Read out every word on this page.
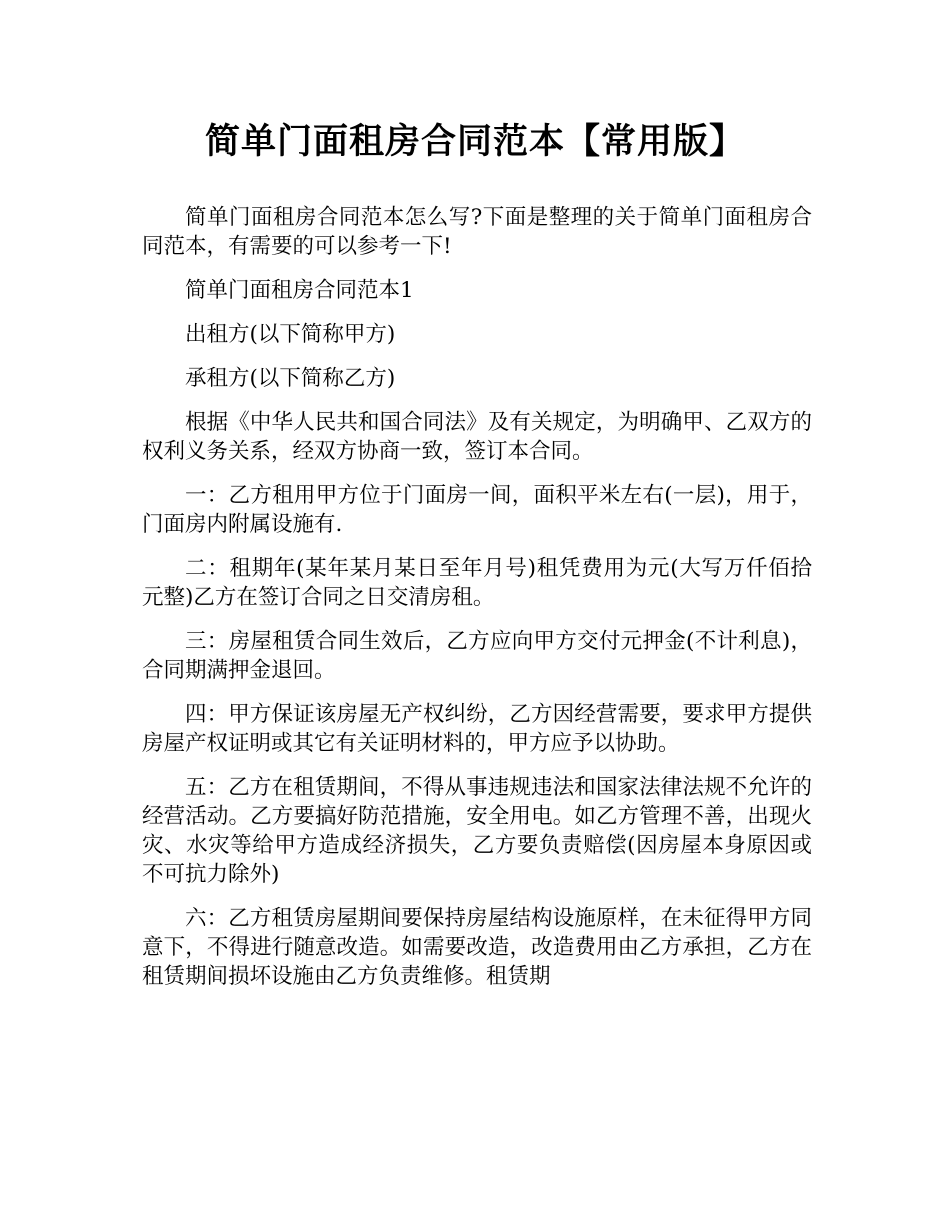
简单门面租房合同范本【常用版】

简单门面租房合同范本怎么写?下面是整理的关于简单门面租房合同范本，有需要的可以参考一下!

简单门面租房合同范本1

出租方(以下简称甲方)

承租方(以下简称乙方)

根据《中华人民共和国合同法》及有关规定，为明确甲、乙双方的权利义务关系，经双方协商一致，签订本合同。

一：乙方租用甲方位于门面房一间，面积平米左右(一层)，用于，门面房内附属设施有.

二：租期年(某年某月某日至年月号)租凭费用为元(大写万仟佰拾元整)乙方在签订合同之日交清房租。

三：房屋租赁合同生效后，乙方应向甲方交付元押金(不计利息)，合同期满押金退回。

四：甲方保证该房屋无产权纠纷，乙方因经营需要，要求甲方提供房屋产权证明或其它有关证明材料的，甲方应予以协助。

五：乙方在租赁期间，不得从事违规违法和国家法律法规不允许的经营活动。乙方要搞好防范措施，安全用电。如乙方管理不善，出现火灾、水灾等给甲方造成经济损失，乙方要负责赔偿(因房屋本身原因或不可抗力除外)

六：乙方租赁房屋期间要保持房屋结构设施原样，在未征得甲方同意下，不得进行随意改造。如需要改造，改造费用由乙方承担，乙方在租赁期间损坏设施由乙方负责维修。租赁期
